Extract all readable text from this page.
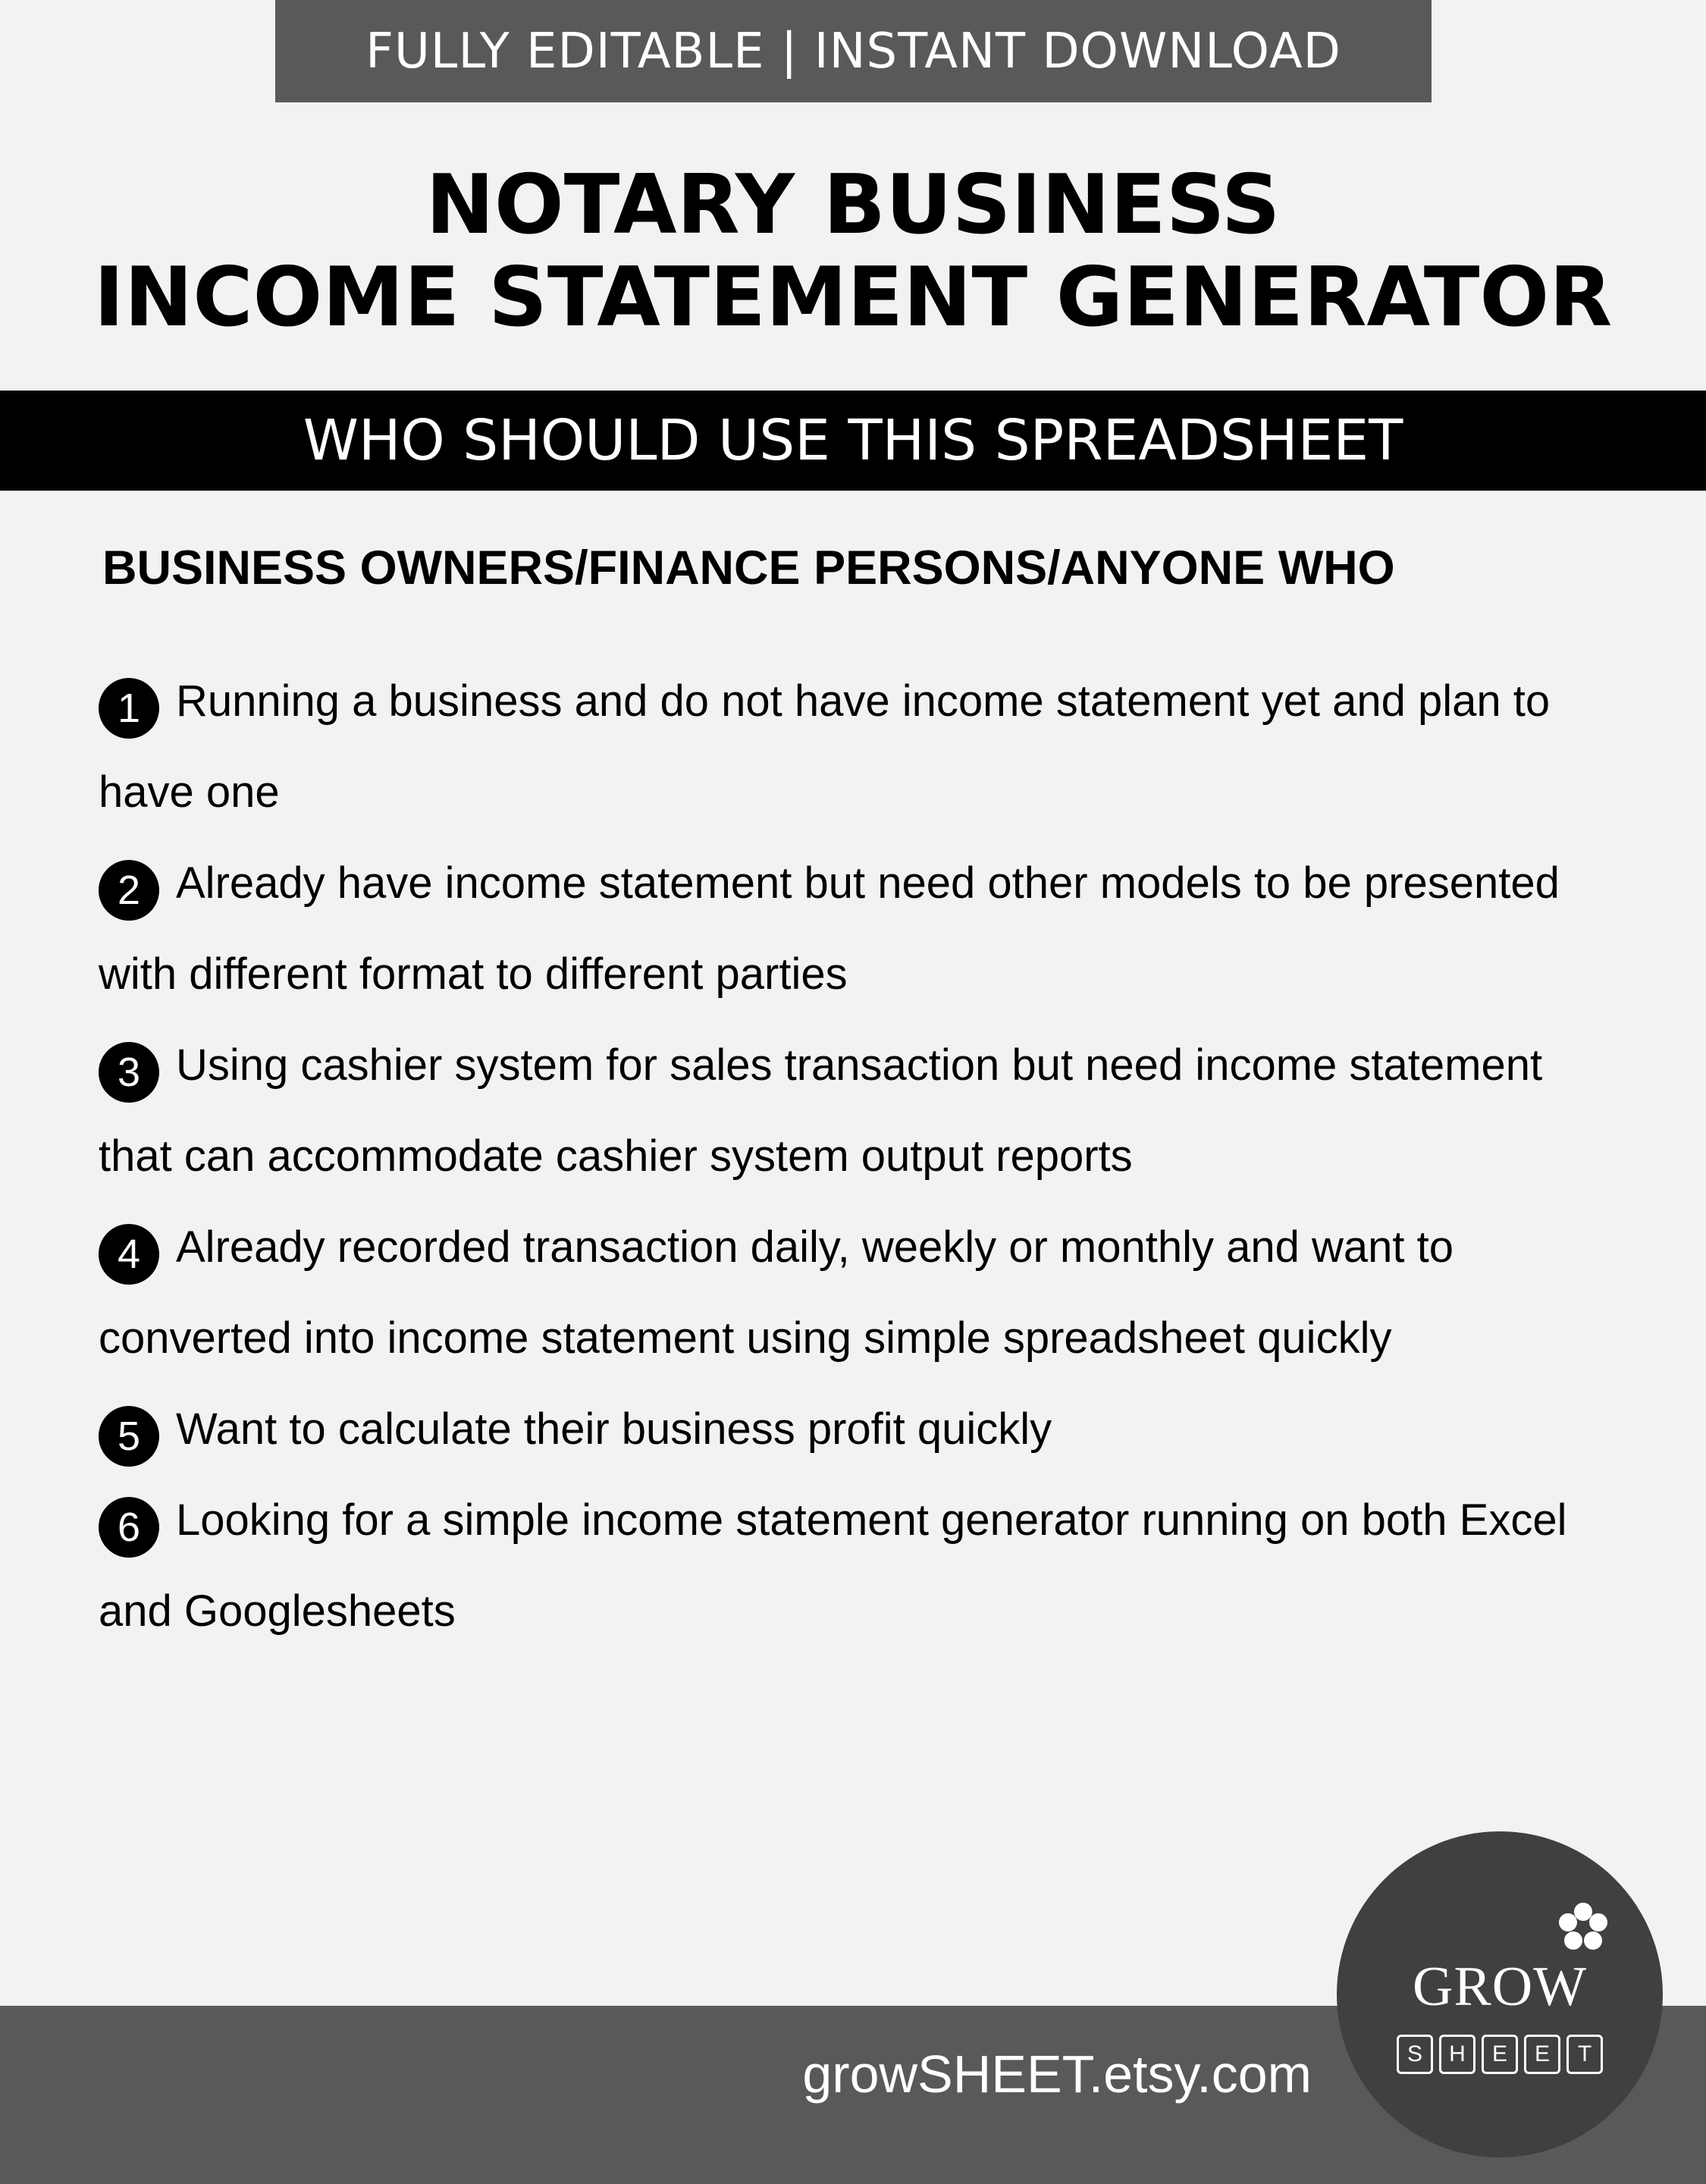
FULLY EDITABLE | INSTANT DOWNLOAD
NOTARY BUSINESS
INCOME STATEMENT GENERATOR
WHO SHOULD USE THIS SPREADSHEET
BUSINESS OWNERS/FINANCE PERSONS/ANYONE WHO
1 Running a business and do not have income statement yet and plan to have one
2 Already have income statement but need other models to be presented with different format to different parties
3 Using cashier system for sales transaction but need income statement that can accommodate cashier system output reports
4 Already recorded transaction daily, weekly or monthly and want to converted into income statement using simple spreadsheet quickly
5 Want to calculate their business profit quickly
6 Looking for a simple income statement generator running on both Excel and Googlesheets
growSHEET.etsy.com
GROW
S	H	E	E	T
